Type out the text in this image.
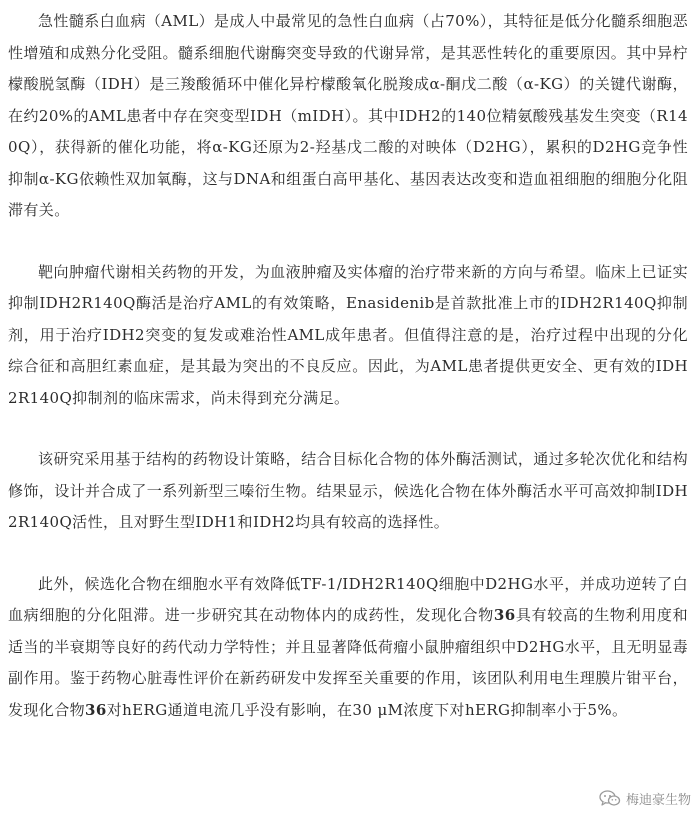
急性髓系白血病（AML）是成人中最常见的急性白血病（占70%），其特征是低分化髓系细胞恶性增殖和成熟分化受阻。髓系细胞代谢酶突变导致的代谢异常，是其恶性转化的重要原因。其中异柠檬酸脱氢酶（IDH）是三羧酸循环中催化异柠檬酸氧化脱羧成α-酮戊二酸（α-KG）的关键代谢酶，在约20%的AML患者中存在突变型IDH（mIDH）。其中IDH2的140位精氨酸残基发生突变（R140Q），获得新的催化功能，将α-KG还原为2-羟基戊二酸的对映体（D2HG），累积的D2HG竞争性抑制α-KG依赖性双加氧酶，这与DNA和组蛋白高甲基化、基因表达改变和造血祖细胞的细胞分化阻滞有关。

靶向肿瘤代谢相关药物的开发，为血液肿瘤及实体瘤的治疗带来新的方向与希望。临床上已证实抑制IDH2R140Q酶活是治疗AML的有效策略，Enasidenib是首款批准上市的IDH2R140Q抑制剂，用于治疗IDH2突变的复发或难治性AML成年患者。但值得注意的是，治疗过程中出现的分化综合征和高胆红素血症，是其最为突出的不良反应。因此，为AML患者提供更安全、更有效的IDH2R140Q抑制剂的临床需求，尚未得到充分满足。

该研究采用基于结构的药物设计策略，结合目标化合物的体外酶活测试，通过多轮次优化和结构修饰，设计并合成了一系列新型三嗪衍生物。结果显示，候选化合物在体外酶活水平可高效抑制IDH2R140Q活性，且对野生型IDH1和IDH2均具有较高的选择性。

此外，候选化合物在细胞水平有效降低TF-1/IDH2R140Q细胞中D2HG水平，并成功逆转了白血病细胞的分化阻滞。进一步研究其在动物体内的成药性，发现化合物36具有较高的生物利用度和适当的半衰期等良好的药代动力学特性；并且显著降低荷瘤小鼠肿瘤组织中D2HG水平，且无明显毒副作用。鉴于药物心脏毒性评价在新药研发中发挥至关重要的作用，该团队利用电生理膜片钳平台，发现化合物36对hERG通道电流几乎没有影响，在30 μM浓度下对hERG抑制率小于5%。

梅迪豪生物
